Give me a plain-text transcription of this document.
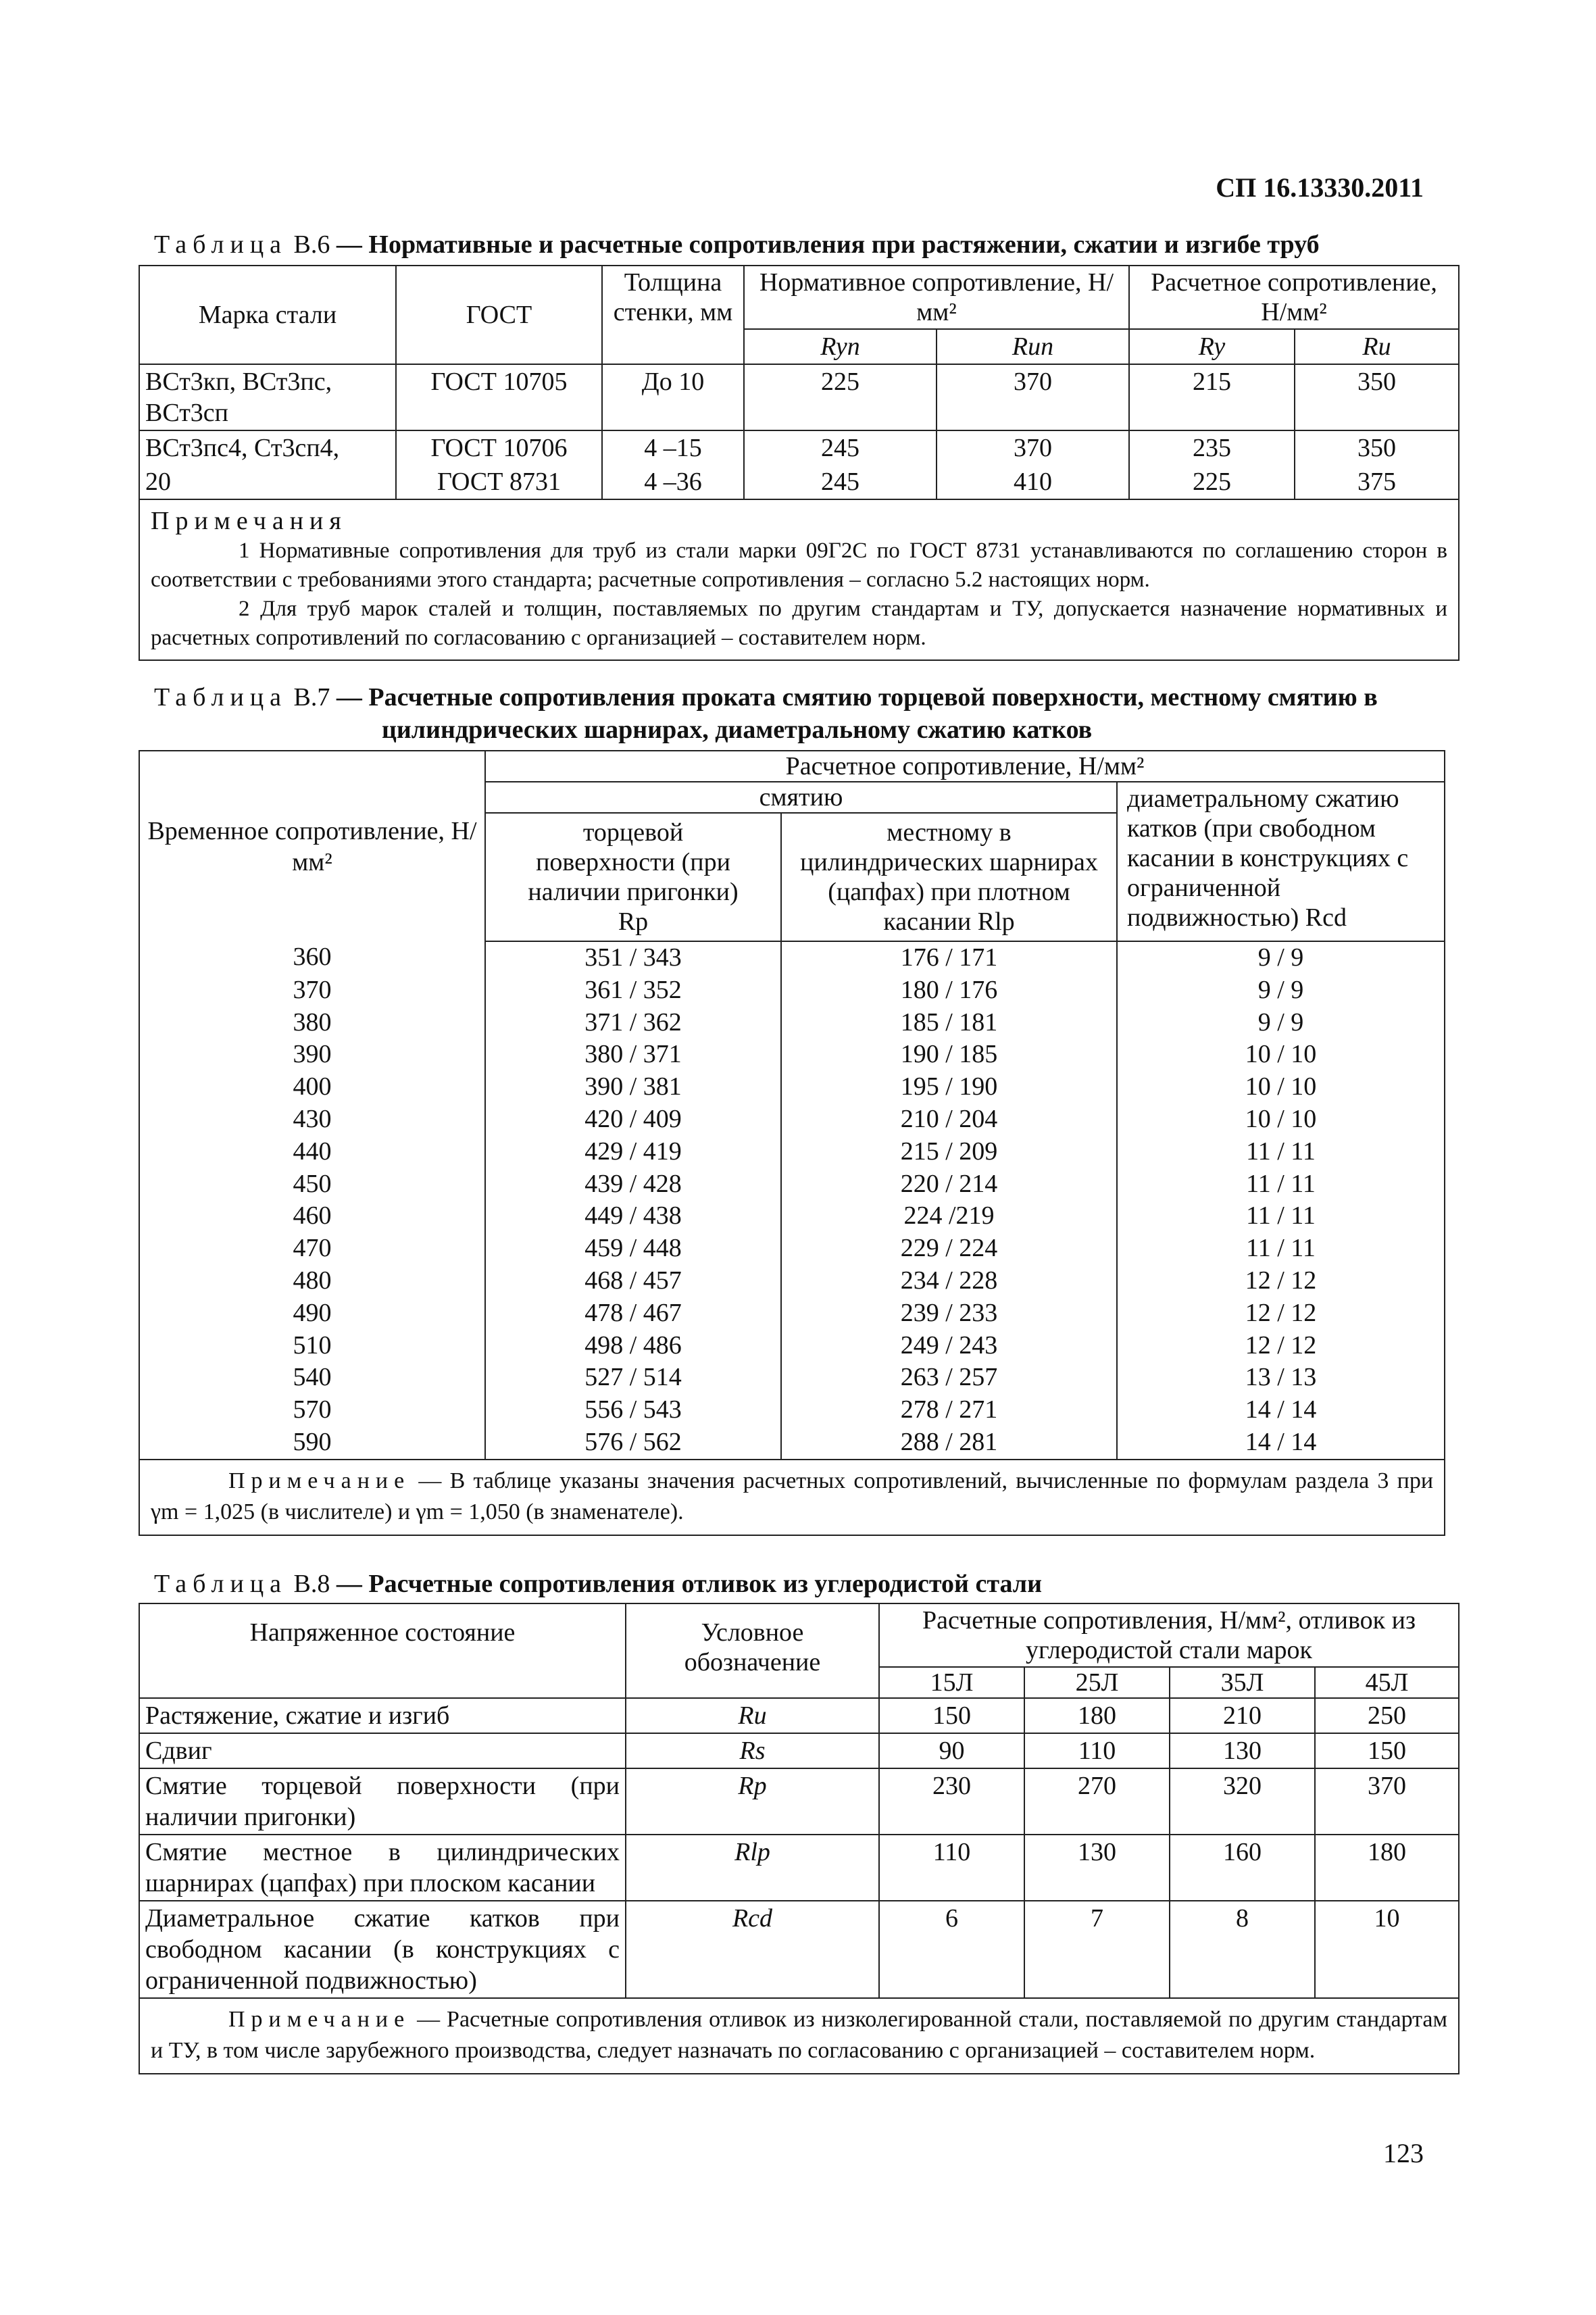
СП 16.13330.2011
Таблица В.6 — Нормативные и расчетные сопротивления при растяжении, сжатии и изгибе труб
Марка стали	ГОСТ	Толщина стенки, мм	Нормативное сопротивление, Н/мм²		Расчетное сопротивление, Н/мм²	
			Ryn	Run	Ry	Ru
ВСт3кп, ВСт3пс, ВСт3сп	ГОСТ 10705	До 10	225	370	215	350
ВСт3пс4, Ст3сп4,	ГОСТ 10706	4 –15	245	370	235	350
20	ГОСТ 8731	4 –36	245	410	225	375

Примечания
1 Нормативные сопротивления для труб из стали марки 09Г2С по ГОСТ 8731 устанавливаются по соглашению сторон в соответствии с требованиями этого стандарта; расчетные сопротивления – согласно 5.2 настоящих норм.
2 Для труб марок сталей и толщин, поставляемых по другим стандартам и ТУ, допускается назначение нормативных и расчетных сопротивлений по согласованию с организацией – составителем норм.						
Таблица В.7 — Расчетные сопротивления проката смятию торцевой поверхности, местному смятию в
цилиндрических шарнирах, диаметральному сжатию катков
Временное сопротивление, Н/мм²	Расчетное сопротивление, Н/мм²		
	смятию		диаметральному сжатию катков (при свободном касании в конструкциях с ограниченной подвижностью) Rcd
	торцевой поверхности (при наличии пригонки) Rp	местному в цилиндрических шарнирах (цапфах) при плотном касании Rlp	
360	351 / 343	176 / 171	9 / 9
370	361 / 352	180 / 176	9 / 9
380	371 / 362	185 / 181	9 / 9
390	380 / 371	190 / 185	10 / 10
400	390 / 381	195 / 190	10 / 10
430	420 / 409	210 / 204	10 / 10
440	429 / 419	215 / 209	11 / 11
450	439 / 428	220 / 214	11 / 11
460	449 / 438	224 /219	11 / 11
470	459 / 448	229 / 224	11 / 11
480	468 / 457	234 / 228	12 / 12
490	478 / 467	239 / 233	12 / 12
510	498 / 486	249 / 243	12 / 12
540	527 / 514	263 / 257	13 / 13
570	556 / 543	278 / 271	14 / 14
590	576 / 562	288 / 281	14 / 14
Примечание — В таблице указаны значения расчетных сопротивлений, вычисленные по формулам раздела 3 при γm = 1,025 (в числителе) и γm = 1,050 (в знаменателе).			
Таблица В.8 — Расчетные сопротивления отливок из углеродистой стали
Напряженное состояние	Условное обозначение	Расчетные сопротивления, Н/мм², отливок из углеродистой стали марок			
		15Л	25Л	35Л	45Л
Растяжение, сжатие и изгиб	Ru	150	180	210	250
Сдвиг	Rs	90	110	130	150
Смятие торцевой поверхности (при наличии пригонки)	Rp	230	270	320	370
Смятие местное в цилиндрических шарнирах (цапфах) при плоском касании	Rlp	110	130	160	180
Диаметральное сжатие катков при свободном касании (в конструкциях с ограниченной подвижностью)	Rcd	6	7	8	10
Примечание — Расчетные сопротивления отливок из низколегированной стали, поставляемой по другим стандартам и ТУ, в том числе зарубежного производства, следует назначать по согласованию с организацией – составителем норм.					
123
